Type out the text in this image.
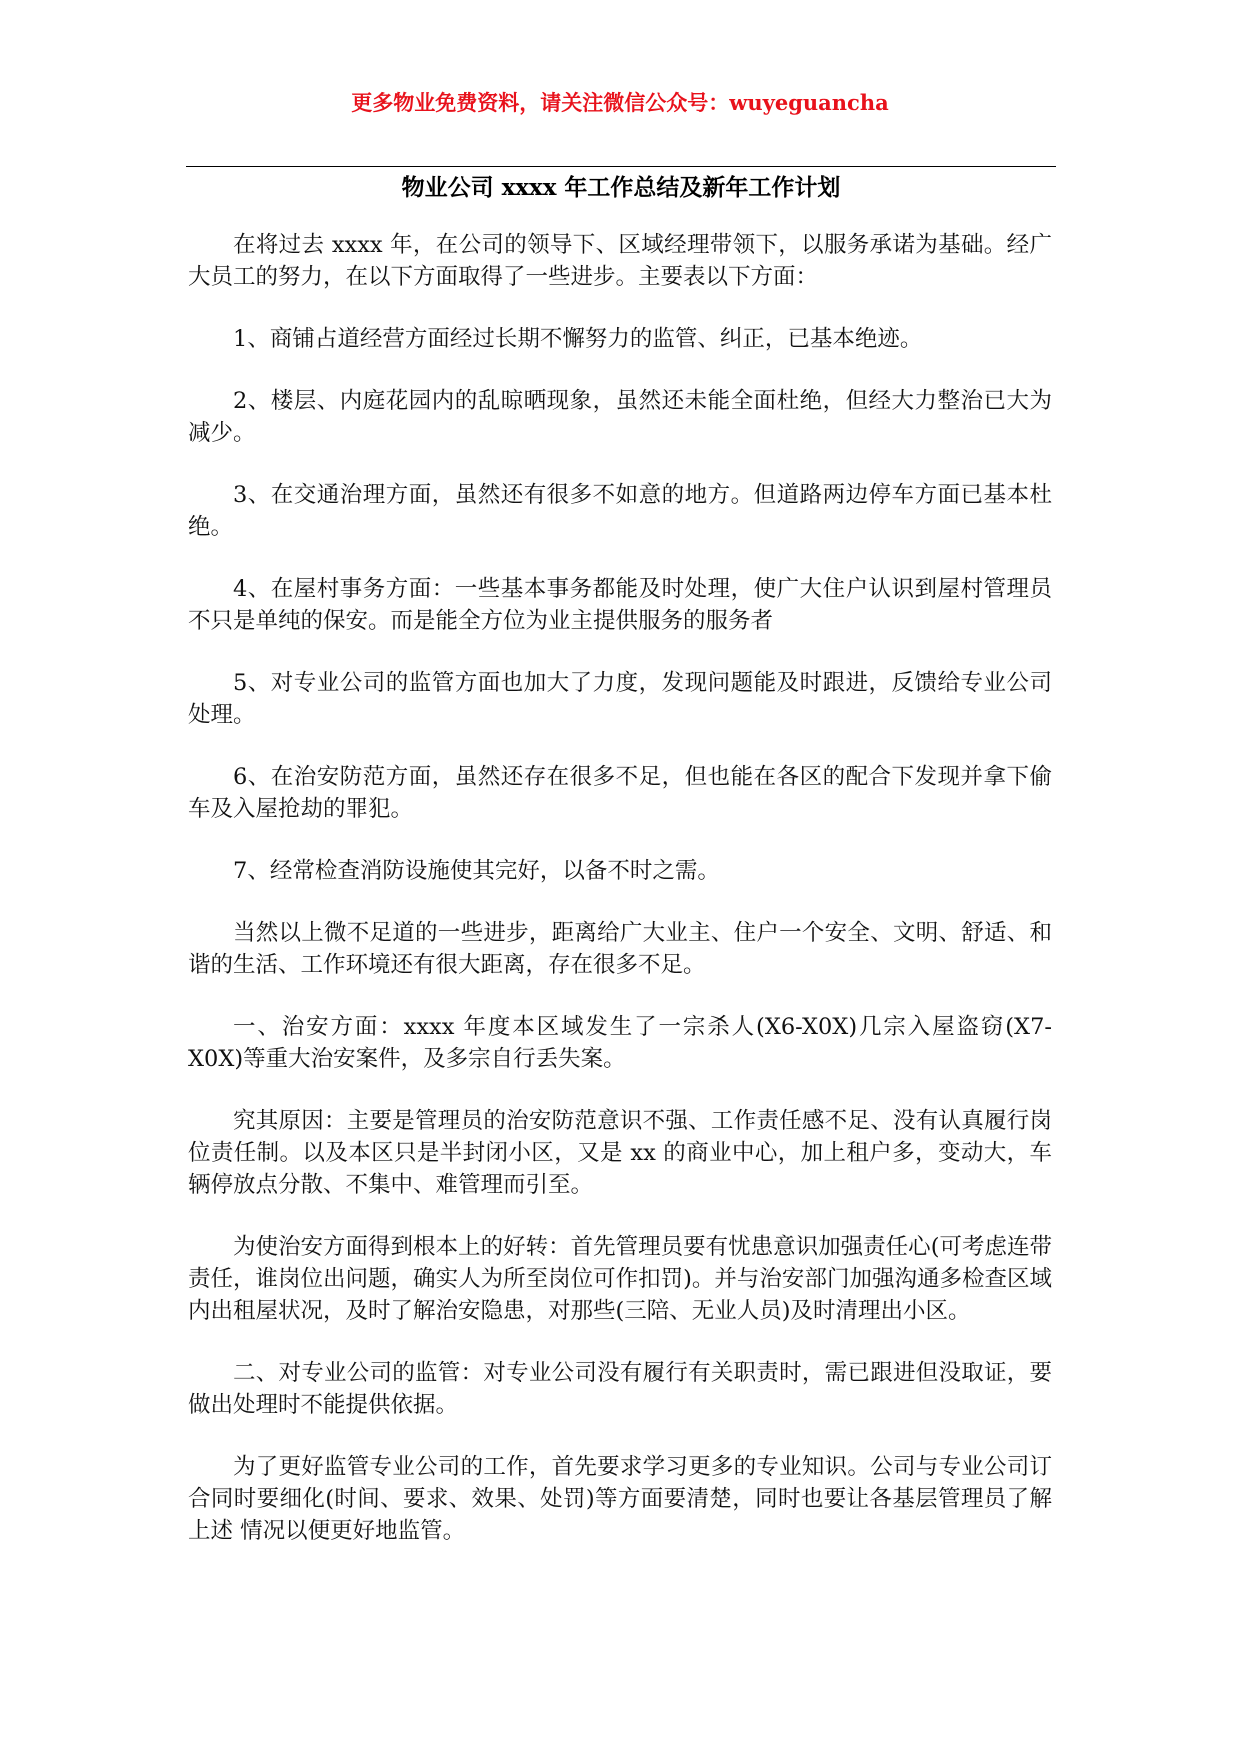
更多物业免费资料，请关注微信公众号：wuyeguancha
物业公司 xxxx 年工作总结及新年工作计划

在将过去 xxxx 年，在公司的领导下、区域经理带领下，以服务承诺为基础。经广大员工的努力，在以下方面取得了一些进步。主要表以下方面：

1、商铺占道经营方面经过长期不懈努力的监管、纠正，已基本绝迹。

2、楼层、内庭花园内的乱晾晒现象，虽然还未能全面杜绝，但经大力整治已大为减少。

3、在交通治理方面，虽然还有很多不如意的地方。但道路两边停车方面已基本杜绝。

4、在屋村事务方面：一些基本事务都能及时处理，使广大住户认识到屋村管理员不只是单纯的保安。而是能全方位为业主提供服务的服务者

5、对专业公司的监管方面也加大了力度，发现问题能及时跟进，反馈给专业公司处理。

6、在治安防范方面，虽然还存在很多不足，但也能在各区的配合下发现并拿下偷车及入屋抢劫的罪犯。

7、经常检查消防设施使其完好，以备不时之需。

当然以上微不足道的一些进步，距离给广大业主、住户一个安全、文明、舒适、和谐的生活、工作环境还有很大距离，存在很多不足。

一、治安方面：xxxx 年度本区域发生了一宗杀人(X6-X0X)几宗入屋盗窃(X7-X0X)等重大治安案件，及多宗自行丢失案。

究其原因：主要是管理员的治安防范意识不强、工作责任感不足、没有认真履行岗位责任制。以及本区只是半封闭小区，又是 xx 的商业中心，加上租户多，变动大，车辆停放点分散、不集中、难管理而引至。

为使治安方面得到根本上的好转：首先管理员要有忧患意识加强责任心(可考虑连带责任，谁岗位出问题，确实人为所至岗位可作扣罚)。并与治安部门加强沟通多检查区域内出租屋状况，及时了解治安隐患，对那些(三陪、无业人员)及时清理出小区。

二、对专业公司的监管：对专业公司没有履行有关职责时，需已跟进但没取证，要做出处理时不能提供依据。

为了更好监管专业公司的工作，首先要求学习更多的专业知识。公司与专业公司订合同时要细化(时间、要求、效果、处罚)等方面要清楚，同时也要让各基层管理员了解上述 情况以便更好地监管。
